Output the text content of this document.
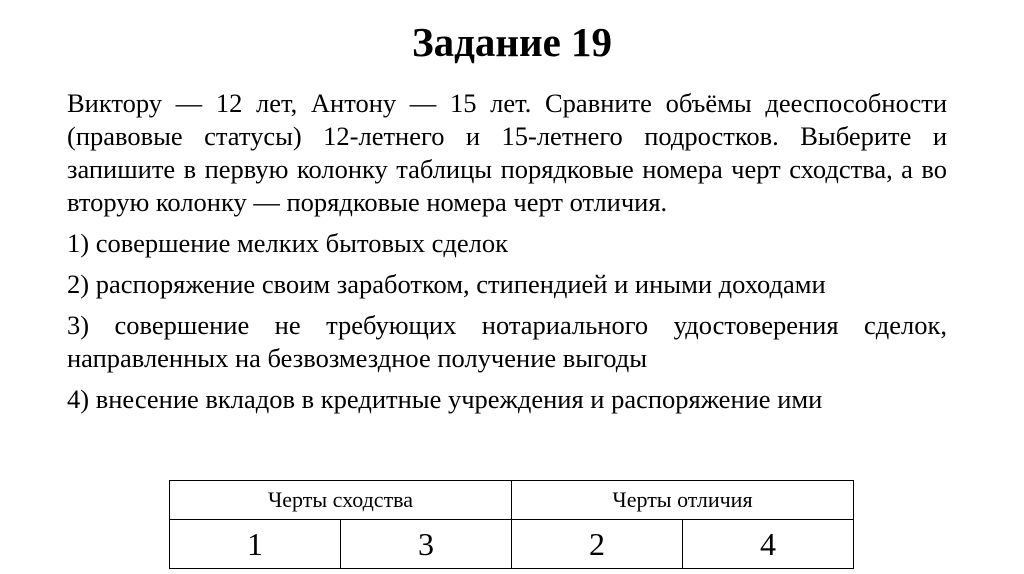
Задание 19
Виктору — 12 лет, Антону — 15 лет. Сравните объёмы дееспособности (правовые статусы) 12-летнего и 15-летнего подростков. Выберите и запишите в первую колонку таблицы порядковые номера черт сходства, а во вторую колонку — порядковые номера черт отличия.
1) совершение мелких бытовых сделок
2) распоряжение своим заработком, стипендией и иными доходами
3) совершение не требующих нотариального удостоверения сделок, направленных на безвозмездное получение выгоды
4) внесение вкладов в кредитные учреждения и распоряжение ими
Черты сходства		Черты отличия	
1	3	2	4
